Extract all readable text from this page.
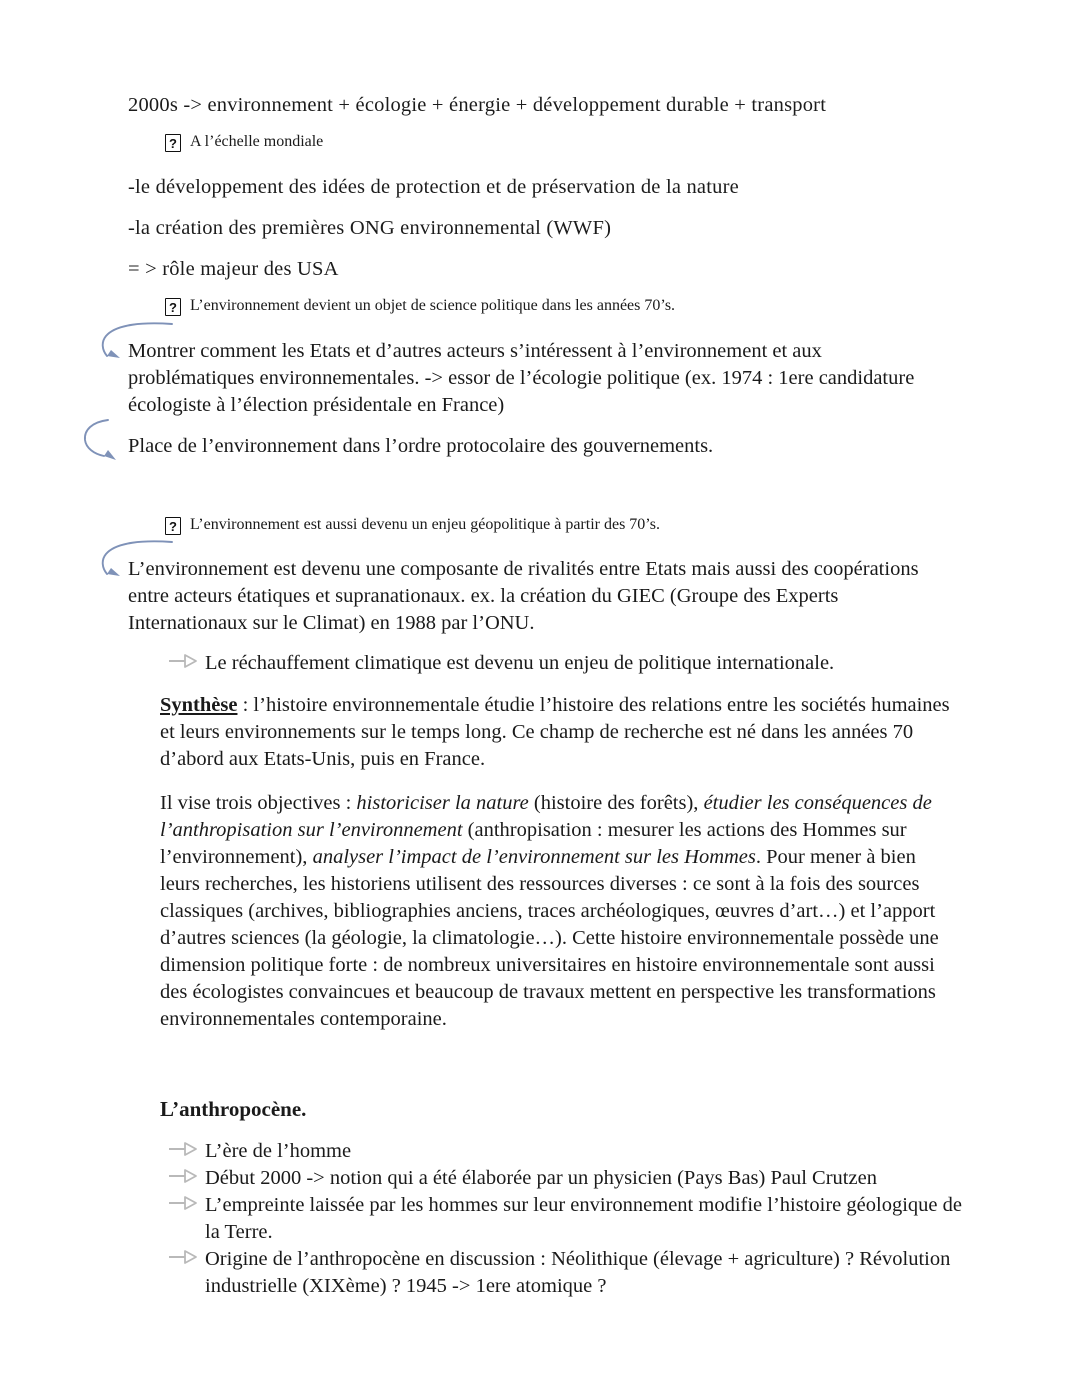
2000s -> environnement + écologie + énergie + développement durable + transport
? A l’échelle mondiale
-le développement des idées de protection et de préservation de la nature
-la création des premières ONG environnemental (WWF)
= > rôle majeur des USA
? L’environnement devient un objet de science politique dans les années 70’s.
Montrer comment les Etats et d’autres acteurs s’intéressent à l’environnement et aux problématiques environnementales. -> essor de l’écologie politique (ex. 1974 : 1ere candidature écologiste à l’élection présidentale en France)
Place de l’environnement dans l’ordre protocolaire des gouvernements.
? L’environnement est aussi devenu un enjeu géopolitique à partir des 70’s.
L’environnement est devenu une composante de rivalités entre Etats mais aussi des coopérations entre acteurs étatiques et supranationaux. ex. la création du GIEC (Groupe des Experts Internationaux sur le Climat) en 1988 par l’ONU.
Le réchauffement climatique est devenu un enjeu de politique internationale.
Synthèse : l’histoire environnementale étudie l’histoire des relations entre les sociétés humaines et leurs environnements sur le temps long. Ce champ de recherche est né dans les années 70 d’abord aux Etats-Unis, puis en France.
Il vise trois objectives : historiciser la nature (histoire des forêts), étudier les conséquences de l’anthropisation sur l’environnement (anthropisation : mesurer les actions des Hommes sur l’environnement), analyser l’impact de l’environnement sur les Hommes. Pour mener à bien leurs recherches, les historiens utilisent des ressources diverses : ce sont à la fois des sources classiques (archives, bibliographies anciens, traces archéologiques, œuvres d’art…) et l’apport d’autres sciences (la géologie, la climatologie…). Cette histoire environnementale possède une dimension politique forte : de nombreux universitaires en histoire environnementale sont aussi des écologistes convaincues et beaucoup de travaux mettent en perspective les transformations environnementales contemporaine.
L’anthropocène.
L’ère de l’homme
Début 2000 -> notion qui a été élaborée par un physicien (Pays Bas) Paul Crutzen
L’empreinte laissée par les hommes sur leur environnement modifie l’histoire géologique de la Terre.
Origine de l’anthropocène en discussion : Néolithique (élevage + agriculture) ? Révolution industrielle (XIXème) ? 1945 -> 1ere atomique ?
